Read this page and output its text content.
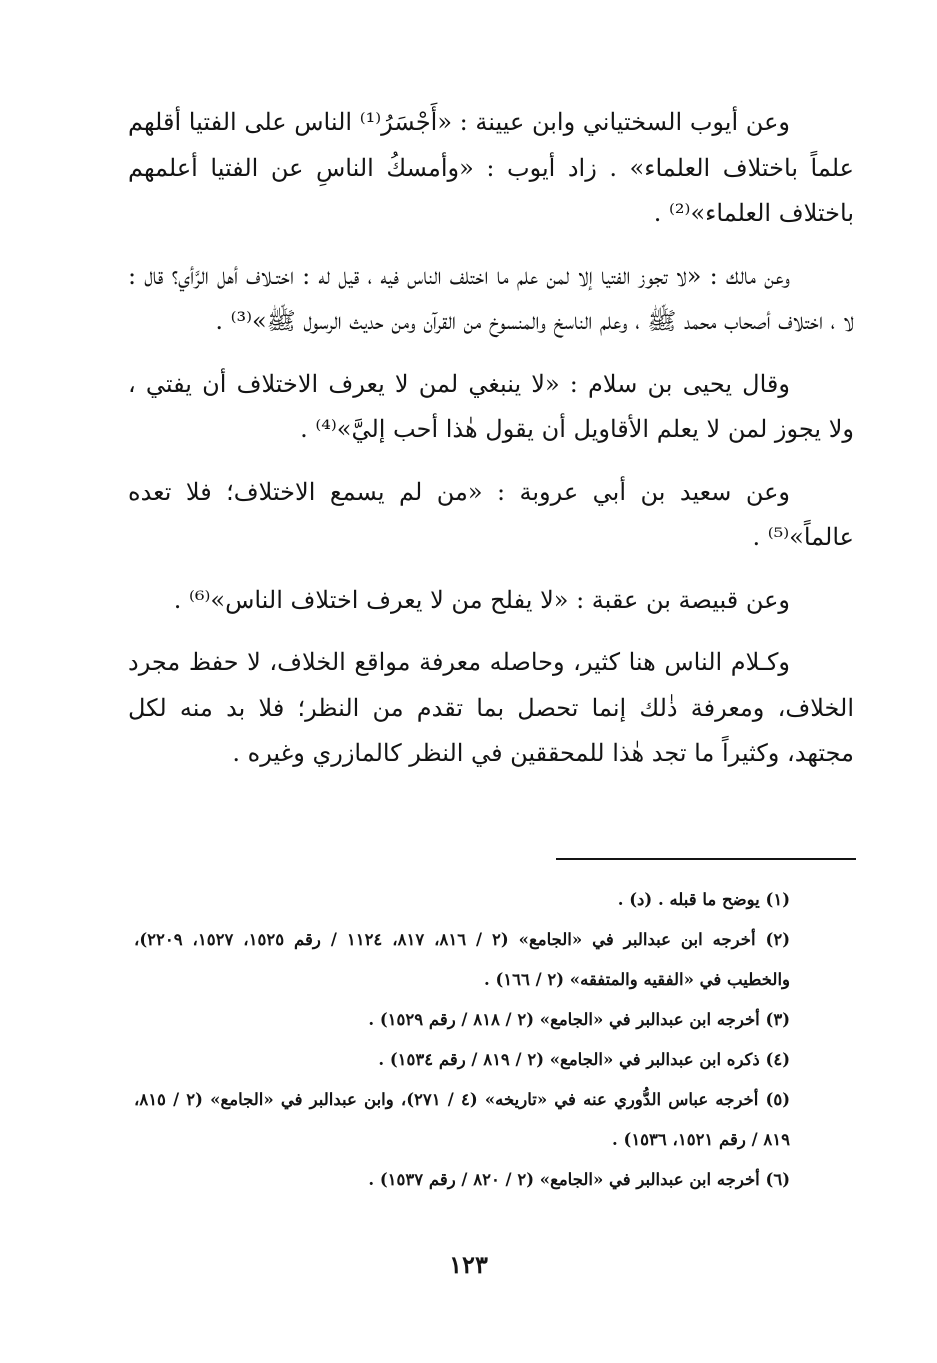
وعن أيوب السختياني وابن عيينة : «أَجْسَرُ⁽¹⁾ الناس على الفتيا أقلهم علماً باختلاف العلماء» . زاد أيوب : «وأمسكُ الناسِ عن الفتيا أعلمهم باختلاف العلماء»⁽²⁾ .

وعن مالك : «لا تجوز الفتيا إلا لمن علم ما اختلف الناس فيه ، قيل له : اختـلاف أهل الرَّأي؟ قال : لا ، اختلاف أصحاب محمد ﷺ ، وعلم الناسخ والمنسوخ من القرآن ومن حديث الرسول ﷺ»⁽³⁾ .

وقال يحيى بن سلام : «لا ينبغي لمن لا يعرف الاختلاف أن يفتي ، ولا يجوز لمن لا يعلم الأقاويل أن يقول هٰذا أحب إليَّ»⁽⁴⁾ .

وعن سعيد بن أبي عروبة : «من لم يسمع الاختلاف؛ فلا تعده عالماً»⁽⁵⁾ .

وعن قبيصة بن عقبة : «لا يفلح من لا يعرف اختلاف الناس»⁽⁶⁾ .

وكـلام الناس هنا كثير، وحاصله معرفة مواقع الخلاف، لا حفظ مجرد الخلاف، ومعرفة ذٰلك إنما تحصل بما تقدم من النظر؛ فلا بد منه لكل مجتهد، وكثيراً ما تجد هٰذا للمحققين في النظر كالمازري وغيره .

(١) يوضح ما قبله . (د) .

(٢) أخرجه ابن عبدالبر في «الجامع» (٢ / ٨١٦، ٨١٧، ١١٢٤ / رقم ١٥٢٥، ١٥٢٧، ٢٢٠٩)، والخطيب في «الفقيه والمتفقه» (٢ / ١٦٦) .

(٣) أخرجه ابن عبدالبر في «الجامع» (٢ / ٨١٨ / رقم ١٥٢٩) .

(٤) ذكره ابن عبدالبر في «الجامع» (٢ / ٨١٩ / رقم ١٥٣٤) .

(٥) أخرجه عباس الدُّوري عنه في «تاريخه» (٤ / ٢٧١)، وابن عبدالبر في «الجامع» (٢ / ٨١٥، ٨١٩ / رقم ١٥٢١، ١٥٣٦) .

(٦) أخرجه ابن عبدالبر في «الجامع» (٢ / ٨٢٠ / رقم ١٥٣٧) .

١٢٣
